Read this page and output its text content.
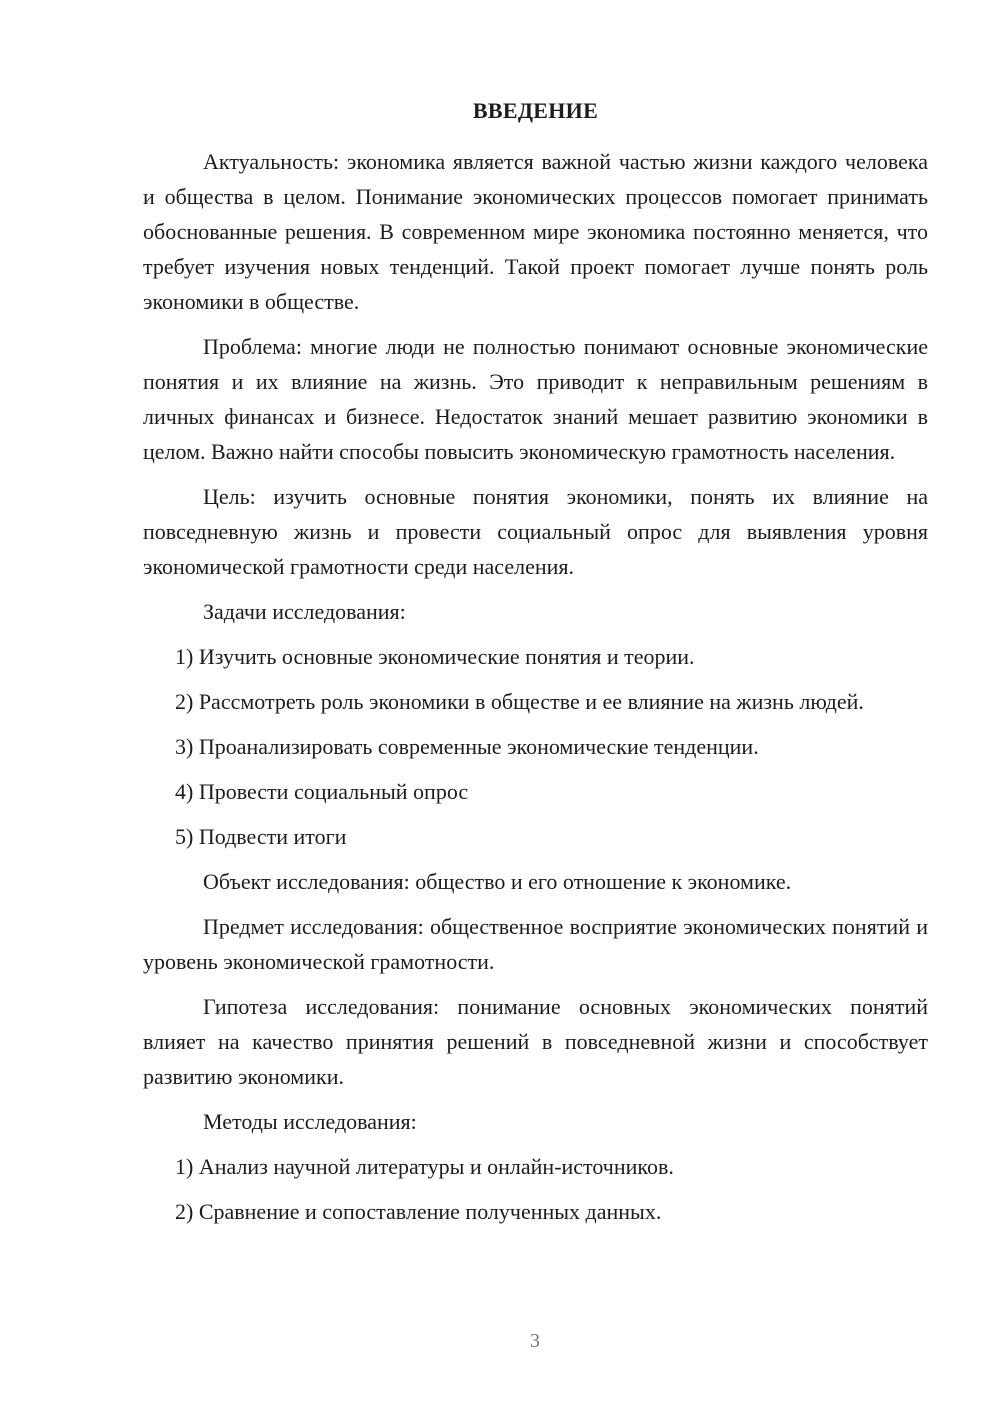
ВВЕДЕНИЕ

Актуальность: экономика является важной частью жизни каждого человека и общества в целом. Понимание экономических процессов помогает принимать обоснованные решения. В современном мире экономика постоянно меняется, что требует изучения новых тенденций. Такой проект помогает лучше понять роль экономики в обществе.

Проблема: многие люди не полностью понимают основные экономические понятия и их влияние на жизнь. Это приводит к неправильным решениям в личных финансах и бизнесе. Недостаток знаний мешает развитию экономики в целом. Важно найти способы повысить экономическую грамотность населения.

Цель: изучить основные понятия экономики, понять их влияние на повседневную жизнь и провести социальный опрос для выявления уровня экономической грамотности среди населения.

Задачи исследования:

1) Изучить основные экономические понятия и теории.

2) Рассмотреть роль экономики в обществе и ее влияние на жизнь людей.

3) Проанализировать современные экономические тенденции.

4) Провести социальный опрос

5) Подвести итоги

Объект исследования: общество и его отношение к экономике.

Предмет исследования: общественное восприятие экономических понятий и уровень экономической грамотности.

Гипотеза исследования: понимание основных экономических понятий влияет на качество принятия решений в повседневной жизни и способствует развитию экономики.

Методы исследования:

1) Анализ научной литературы и онлайн-источников.

2) Сравнение и сопоставление полученных данных.

3
